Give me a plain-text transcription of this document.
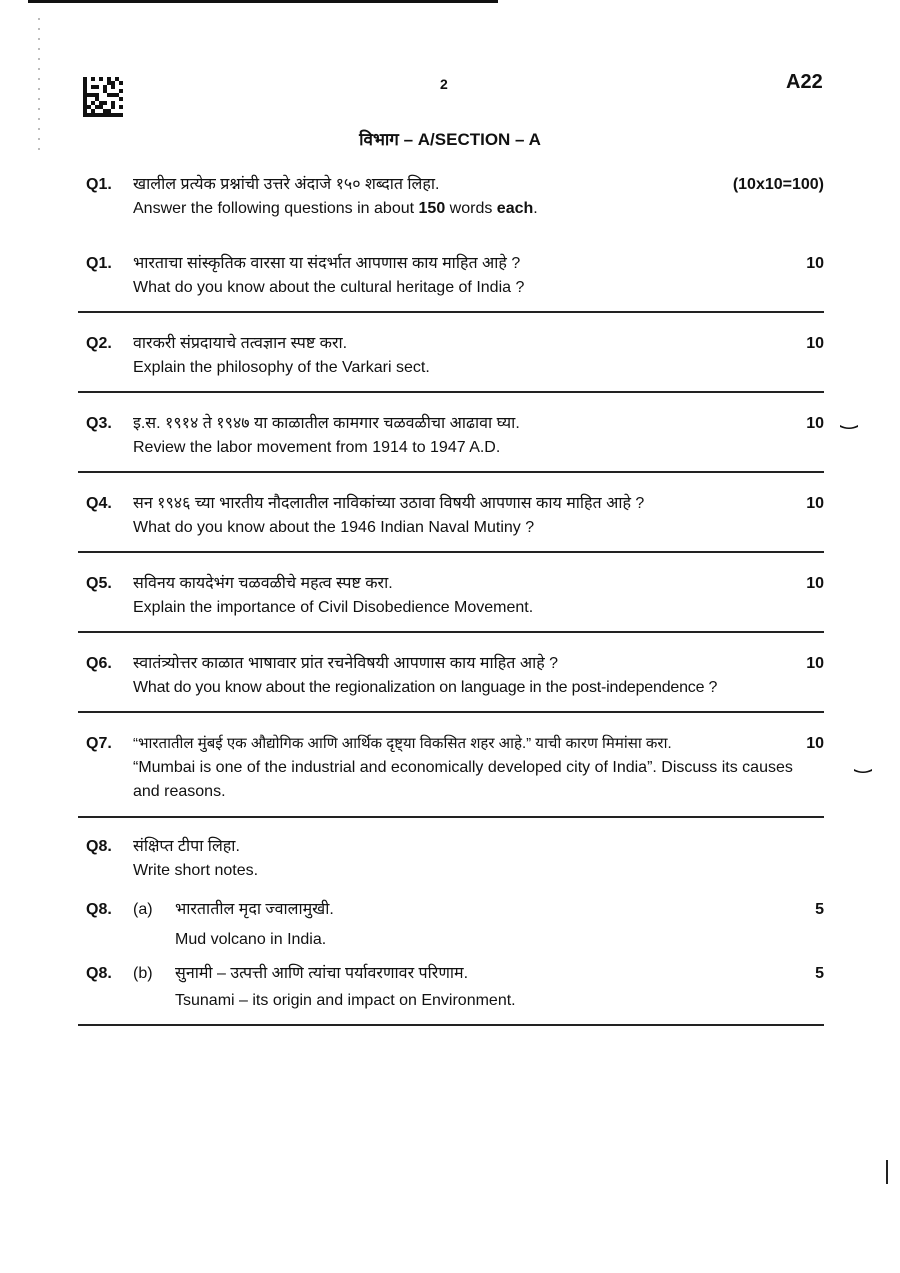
2	A22
विभाग – A/SECTION – A
Q1. खालील प्रत्येक प्रश्नांची उत्तरे अंदाजे १५० शब्दात लिहा.
Answer the following questions in about 150 words each.
(10x10=100)
Q1. भारताचा सांस्कृतिक वारसा या संदर्भात आपणास काय माहित आहे ?
What do you know about the cultural heritage of India ?
10
Q2. वारकरी संप्रदायाचे तत्वज्ञान स्पष्ट करा.
Explain the philosophy of the Varkari sect.
10
Q3. इ.स. १९१४ ते १९४७ या काळातील कामगार चळवळीचा आढावा घ्या.
Review the labor movement from 1914 to 1947 A.D.
10
Q4. सन १९४६ च्या भारतीय नौदलातील नाविकांच्या उठावा विषयी आपणास काय माहित आहे ?
What do you know about the 1946 Indian Naval Mutiny ?
10
Q5. सविनय कायदेभंग चळवळीचे महत्व स्पष्ट करा.
Explain the importance of Civil Disobedience Movement.
10
Q6. स्वातंत्र्योत्तर काळात भाषावार प्रांत रचनेविषयी आपणास काय माहित आहे ?
What do you know about the regionalization on language in the post-independence ?
10
Q7. “भारतातील मुंबई एक औद्योगिक आणि आर्थिक दृष्ट्या विकसित शहर आहे.” याची कारण मिमांसा करा.
“Mumbai is one of the industrial and economically developed city of India”. Discuss its causes and reasons.
10
Q8. संक्षिप्त टीपा लिहा.
Write short notes.
Q8. (a) भारतातील मृदा ज्वालामुखी.
Mud volcano in India.
5
Q8. (b) सुनामी – उत्पत्ती आणि त्यांचा पर्यावरणावर परिणाम.
Tsunami – its origin and impact on Environment.
5
